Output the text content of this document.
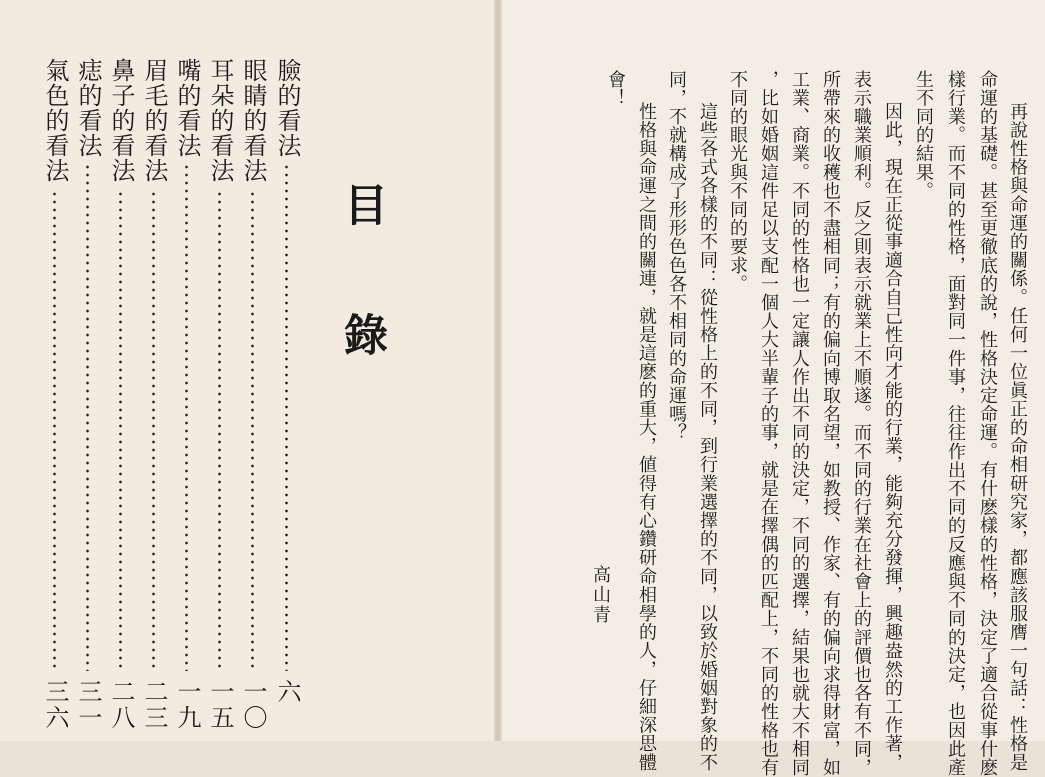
目錄
臉的看法
六
眼睛的看法
一〇
耳朵的看法
一五
嘴的看法
一九
眉毛的看法
二三
鼻子的看法
二八
痣的看法
三一
氣色的看法
三六	再說性格與命運的關係。任何一位眞正的命相研究家，都應該服膺一句話：性格是
命運的基礎。甚至更徹底的說，性格決定命運。有什麽樣的性格，決定了適合從事什麽
樣行業。而不同的性格，面對同一件事，往往作出不同的反應與不同的決定，也因此產
生不同的結果。
因此，現在正從事適合自己性向才能的行業，能夠充分發揮，興趣盎然的工作著，
表示職業順利。反之則表示就業上不順遂。而不同的行業在社會上的評價也各有不同，
所帶來的收穫也不盡相同；有的偏向博取名望，如教授、作家、有的偏向求得財富，如
工業、商業。不同的性格也一定讓人作出不同的決定，不同的選擇，結果也就大不相同
，比如婚姻這件足以支配一個人大半輩子的事，就是在擇偶的匹配上，不同的性格也有
不同的眼光與不同的要求。
這些各式各樣的不同：從性格上的不同，到行業選擇的不同，以致於婚姻對象的不
同，不就構成了形形色色各不相同的命運嗎？
性格與命運之間的關連，就是這麽的重大，値得有心鑽研命相學的人，仔細深思體
會！
高山青
